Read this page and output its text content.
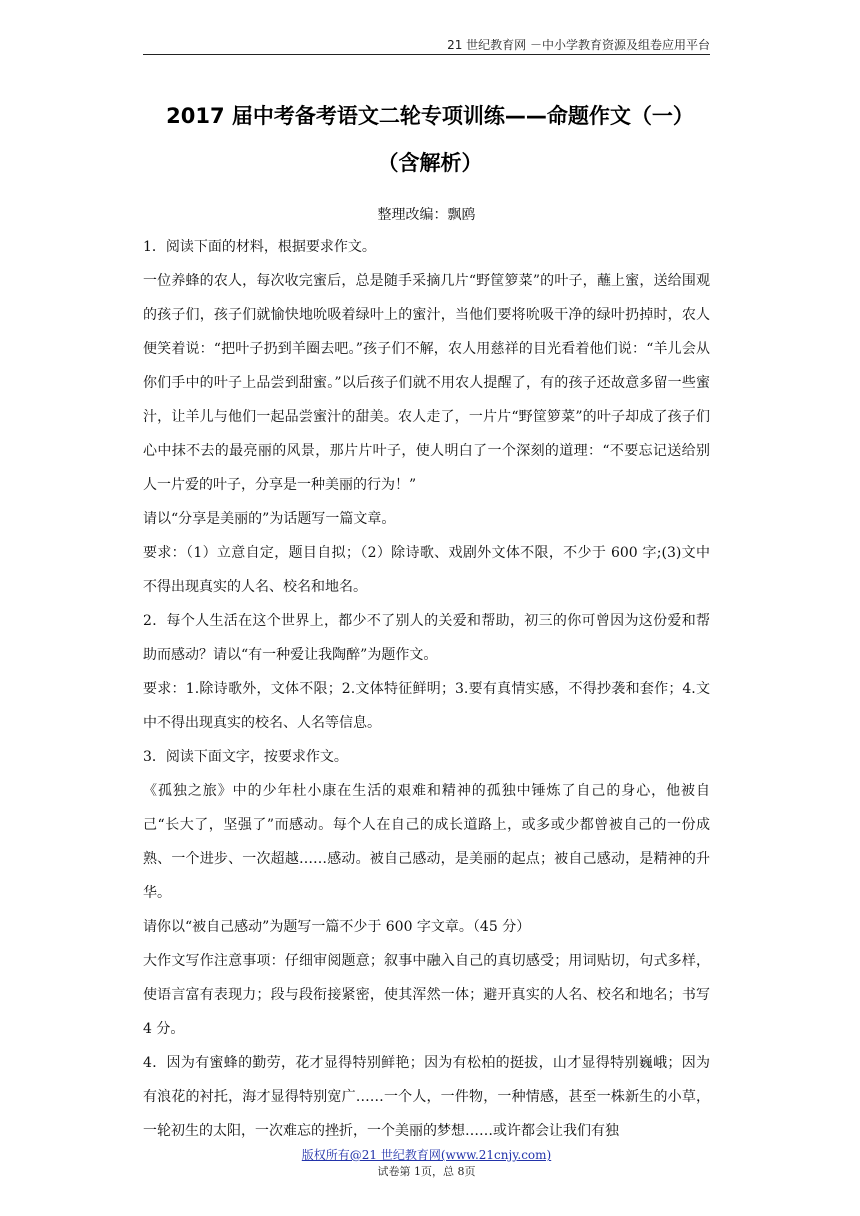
21 世纪教育网 －中小学教育资源及组卷应用平台
2017 届中考备考语文二轮专项训练——命题作文（一）
（含解析）
整理改编：飘鸥

1．阅读下面的材料，根据要求作文。

一位养蜂的农人，每次收完蜜后，总是随手采摘几片“野筐箩菜”的叶子，蘸上蜜，送给围观的孩子们，孩子们就愉快地吮吸着绿叶上的蜜汁，当他们要将吮吸干净的绿叶扔掉时，农人便笑着说：“把叶子扔到羊圈去吧。”孩子们不解，农人用慈祥的目光看着他们说：“羊儿会从你们手中的叶子上品尝到甜蜜。”以后孩子们就不用农人提醒了，有的孩子还故意多留一些蜜汁，让羊儿与他们一起品尝蜜汁的甜美。农人走了，一片片“野筐箩菜”的叶子却成了孩子们心中抹不去的最亮丽的风景，那片片叶子，使人明白了一个深刻的道理：“不要忘记送给别人一片爱的叶子，分享是一种美丽的行为！”

请以“分享是美丽的”为话题写一篇文章。

要求：（1）立意自定，题目自拟；（2）除诗歌、戏剧外文体不限，不少于 600 字;(3)文中不得出现真实的人名、校名和地名。

2．每个人生活在这个世界上，都少不了别人的关爱和帮助，初三的你可曾因为这份爱和帮助而感动？请以“有一种爱让我陶醉”为题作文。

要求：1.除诗歌外，文体不限；2.文体特征鲜明；3.要有真情实感，不得抄袭和套作；4.文中不得出现真实的校名、人名等信息。

3．阅读下面文字，按要求作文。

《孤独之旅》中的少年杜小康在生活的艰难和精神的孤独中锤炼了自己的身心，他被自己“长大了，坚强了”而感动。每个人在自己的成长道路上，或多或少都曾被自己的一份成熟、一个进步、一次超越……感动。被自己感动，是美丽的起点；被自己感动，是精神的升华。

请你以“被自己感动”为题写一篇不少于 600 字文章。（45 分）

大作文写作注意事项：仔细审阅题意；叙事中融入自己的真切感受；用词贴切，句式多样，使语言富有表现力；段与段衔接紧密，使其浑然一体；避开真实的人名、校名和地名；书写 4 分。

4．因为有蜜蜂的勤劳，花才显得特别鲜艳；因为有松柏的挺拔，山才显得特别巍峨；因为有浪花的衬托，海才显得特别宽广……一个人，一件物，一种情感，甚至一株新生的小草，一轮初生的太阳，一次难忘的挫折，一个美丽的梦想……或许都会让我们有独

版权所有@21 世纪教育网(www.21cnjy.com)
试卷第 1页，总 8页
